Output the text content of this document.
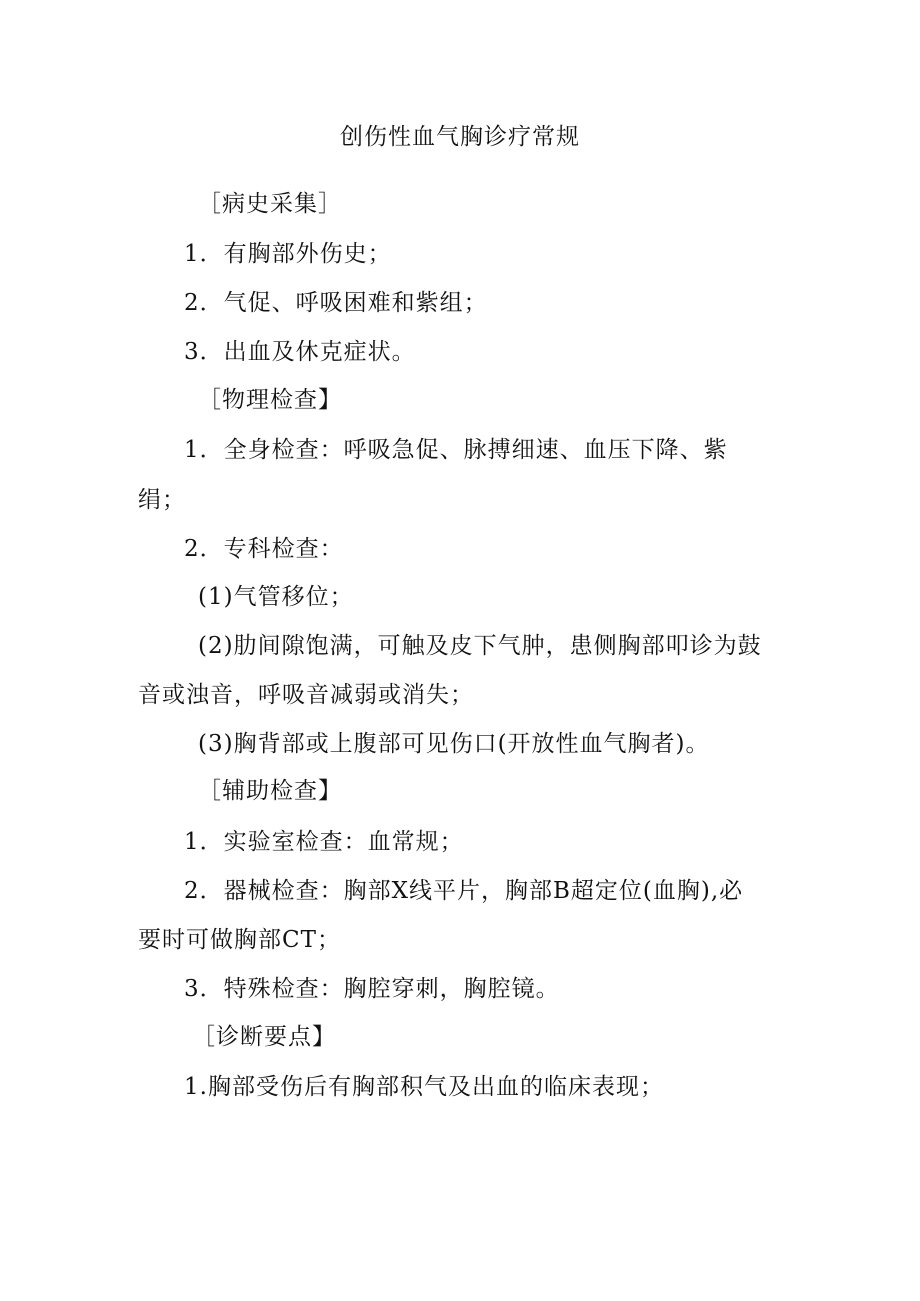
创伤性血气胸诊疗常规
［病史采集］
1．有胸部外伤史；
2．气促、呼吸困难和紫组；
3．出血及休克症状。
［物理检查】
1．全身检查：呼吸急促、脉搏细速、血压下降、紫
绢；
2．专科检查：
(1)气管移位；
(2)肋间隙饱满，可触及皮下气肿，患侧胸部叩诊为鼓
音或浊音，呼吸音减弱或消失；
(3)胸背部或上腹部可见伤口(开放性血气胸者)。
［辅助检查】
1．实验室检查：血常规；
2．器械检查：胸部X线平片，胸部B超定位(血胸),必
要时可做胸部CT；
3．特殊检查：胸腔穿刺，胸腔镜。
［诊断要点】
1.胸部受伤后有胸部积气及出血的临床表现；
